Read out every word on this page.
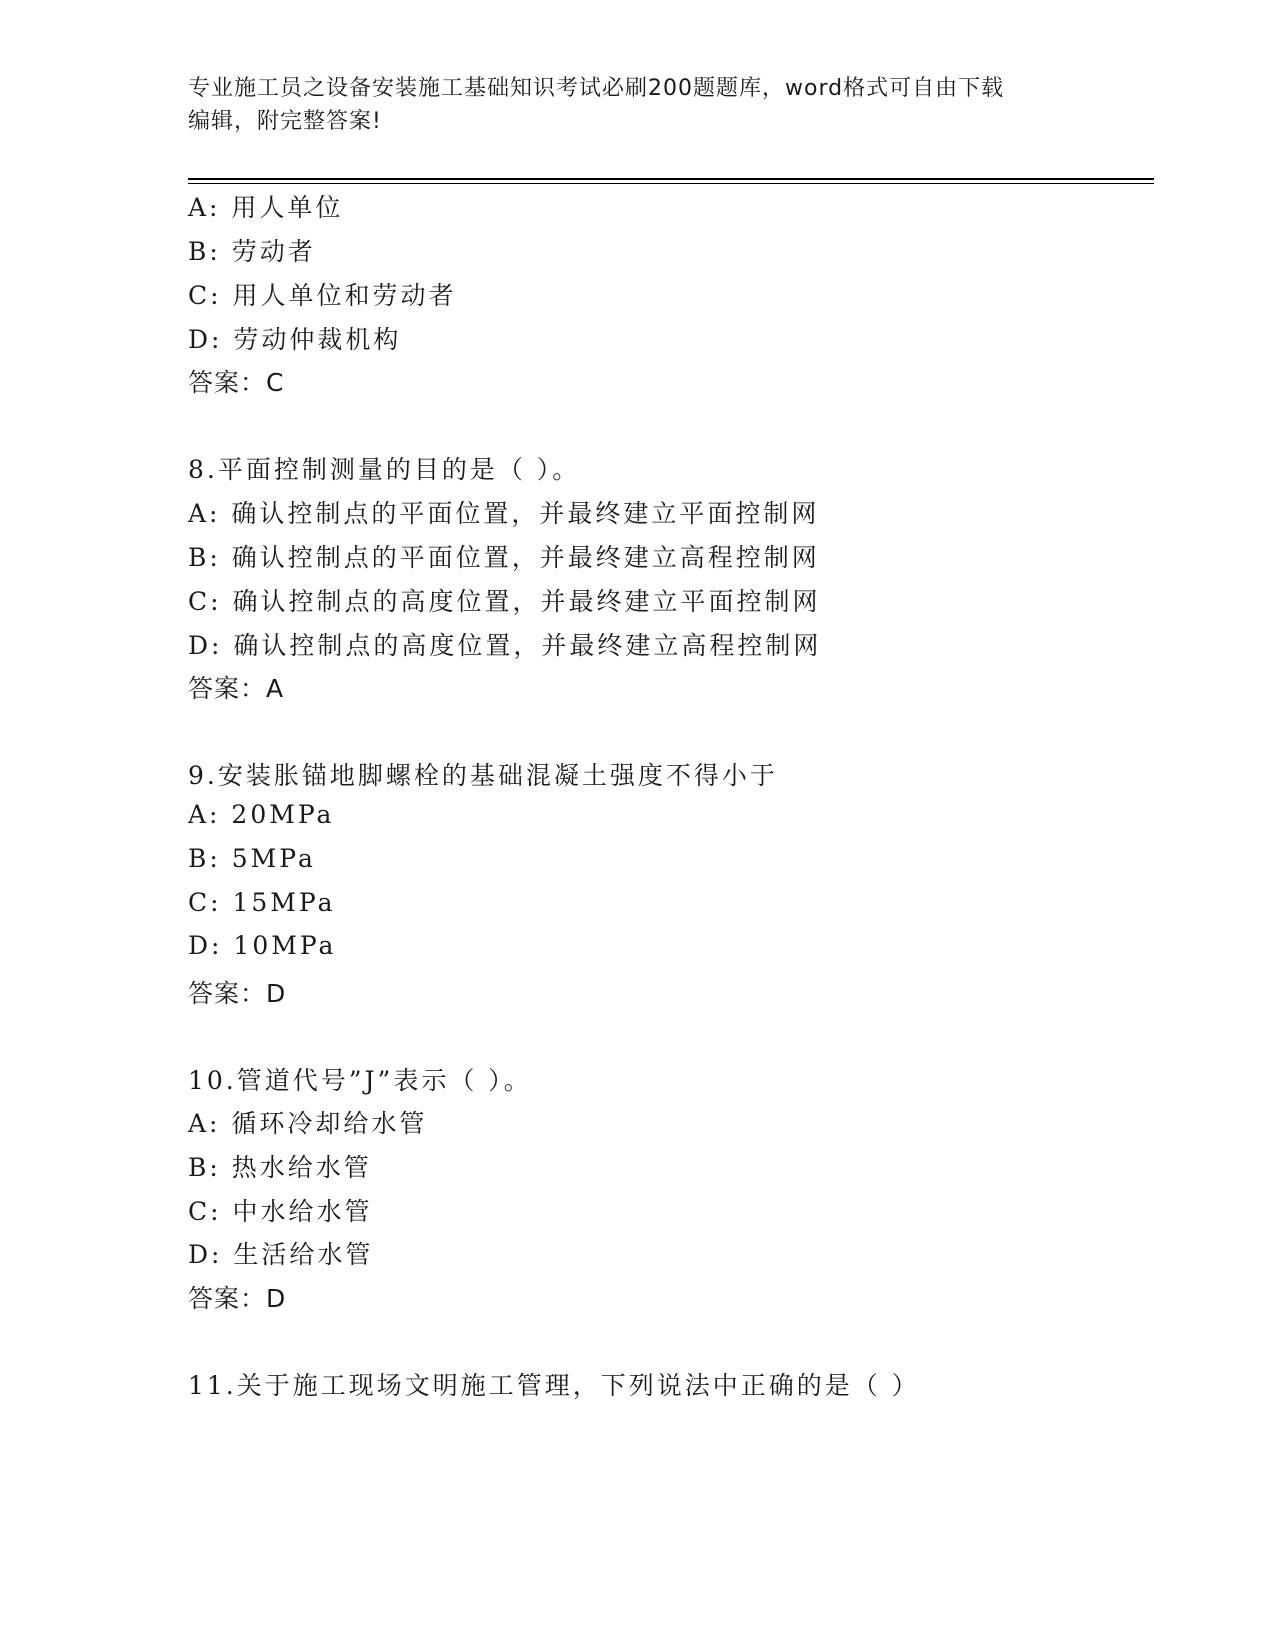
专业施工员之设备安装施工基础知识考试必刷200题题库，word格式可自由下载
编辑，附完整答案!
A: 用人单位
B: 劳动者
C: 用人单位和劳动者
D: 劳动仲裁机构
答案：C
8.平面控制测量的目的是（ ）。
A: 确认控制点的平面位置，并最终建立平面控制网
B: 确认控制点的平面位置，并最终建立高程控制网
C: 确认控制点的高度位置，并最终建立平面控制网
D: 确认控制点的高度位置，并最终建立高程控制网
答案：A
9.安装胀锚地脚螺栓的基础混凝土强度不得小于
A: 20MPa
B: 5MPa
C: 15MPa
D: 10MPa
答案：D
10.管道代号”J”表示（ ）。
A: 循环冷却给水管
B: 热水给水管
C: 中水给水管
D: 生活给水管
答案：D
11.关于施工现场文明施工管理，下列说法中正确的是（ ）
